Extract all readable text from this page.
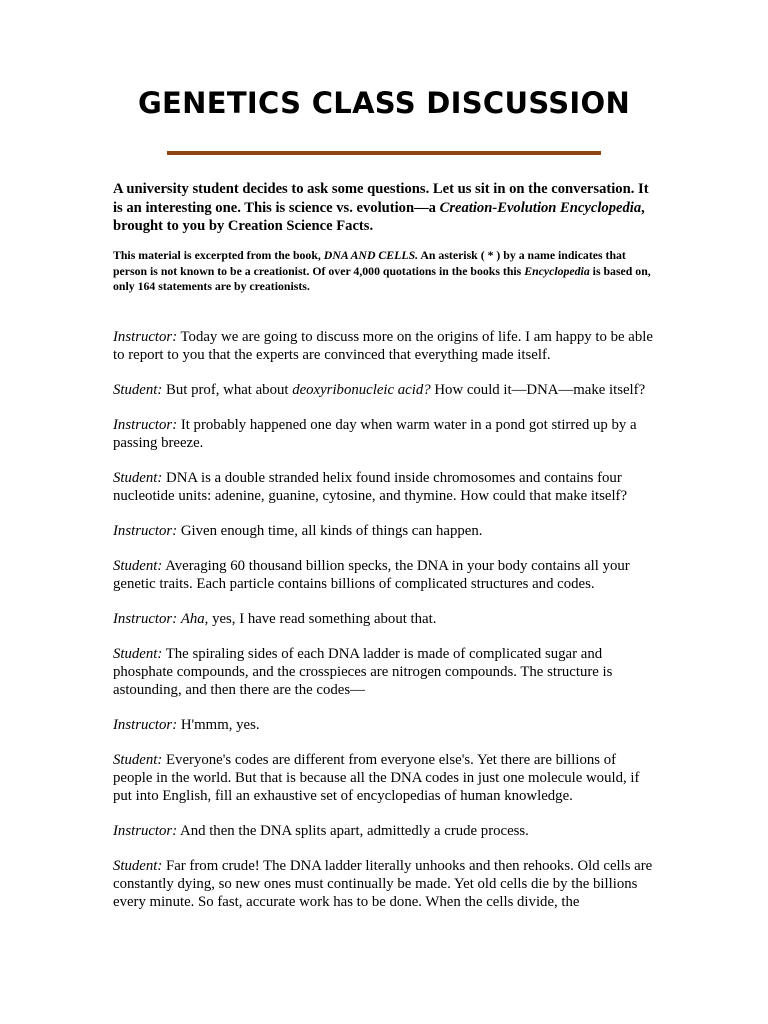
GENETICS CLASS DISCUSSION

A university student decides to ask some questions. Let us sit in on the conversation. It is an interesting one. This is science vs. evolution—a Creation-Evolution Encyclopedia, brought to you by Creation Science Facts.

This material is excerpted from the book, DNA AND CELLS. An asterisk ( * ) by a name indicates that person is not known to be a creationist. Of over 4,000 quotations in the books this Encyclopedia is based on, only 164 statements are by creationists.

Instructor: Today we are going to discuss more on the origins of life. I am happy to be able to report to you that the experts are convinced that everything made itself.

Student: But prof, what about deoxyribonucleic acid? How could it—DNA—make itself?

Instructor: It probably happened one day when warm water in a pond got stirred up by a passing breeze.

Student: DNA is a double stranded helix found inside chromosomes and contains four nucleotide units: adenine, guanine, cytosine, and thymine. How could that make itself?

Instructor: Given enough time, all kinds of things can happen.

Student: Averaging 60 thousand billion specks, the DNA in your body contains all your genetic traits. Each particle contains billions of complicated structures and codes.

Instructor: Aha, yes, I have read something about that.

Student: The spiraling sides of each DNA ladder is made of complicated sugar and phosphate compounds, and the crosspieces are nitrogen compounds. The structure is astounding, and then there are the codes—

Instructor: H'mmm, yes.

Student: Everyone's codes are different from everyone else's. Yet there are billions of people in the world. But that is because all the DNA codes in just one molecule would, if put into English, fill an exhaustive set of encyclopedias of human knowledge.

Instructor: And then the DNA splits apart, admittedly a crude process.

Student: Far from crude! The DNA ladder literally unhooks and then rehooks. Old cells are constantly dying, so new ones must continually be made. Yet old cells die by the billions every minute. So fast, accurate work has to be done. When the cells divide, the
